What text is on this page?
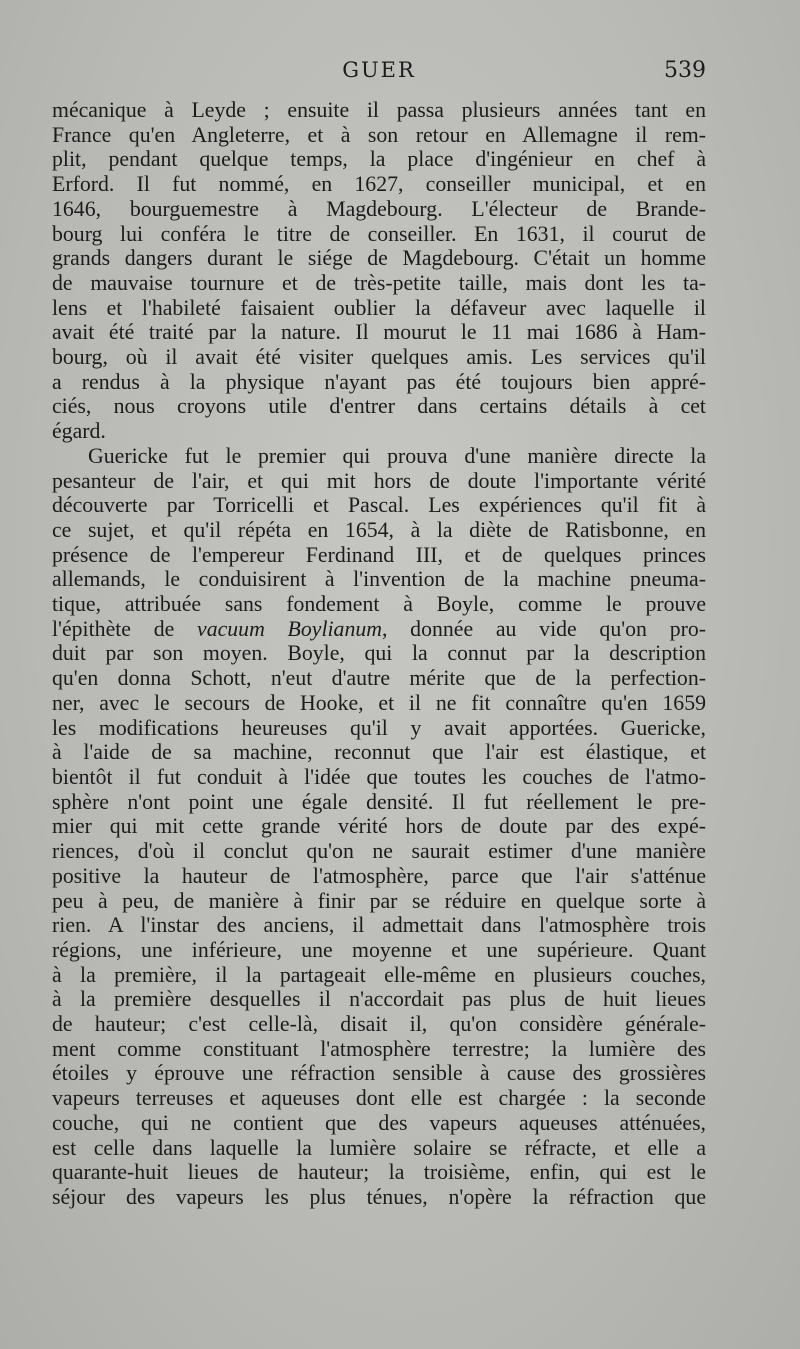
GUER	539
mécanique à Leyde ; ensuite il passa plusieurs années tant en
France qu'en Angleterre, et à son retour en Allemagne il rem-
plit, pendant quelque temps, la place d'ingénieur en chef à
Erford. Il fut nommé, en 1627, conseiller municipal, et en
1646, bourguemestre à Magdebourg. L'électeur de Brande-
bourg lui conféra le titre de conseiller. En 1631, il courut de
grands dangers durant le siége de Magdebourg. C'était un homme
de mauvaise tournure et de très-petite taille, mais dont les ta-
lens et l'habileté faisaient oublier la défaveur avec laquelle il
avait été traité par la nature. Il mourut le 11 mai 1686 à Ham-
bourg, où il avait été visiter quelques amis. Les services qu'il
a rendus à la physique n'ayant pas été toujours bien appré-
ciés, nous croyons utile d'entrer dans certains détails à cet
égard.
Guericke fut le premier qui prouva d'une manière directe la
pesanteur de l'air, et qui mit hors de doute l'importante vérité
découverte par Torricelli et Pascal. Les expériences qu'il fit à
ce sujet, et qu'il répéta en 1654, à la diète de Ratisbonne, en
présence de l'empereur Ferdinand III, et de quelques princes
allemands, le conduisirent à l'invention de la machine pneuma-
tique, attribuée sans fondement à Boyle, comme le prouve
l'épithète de vacuum Boylianum, donnée au vide qu'on pro-
duit par son moyen. Boyle, qui la connut par la description
qu'en donna Schott, n'eut d'autre mérite que de la perfection-
ner, avec le secours de Hooke, et il ne fit connaître qu'en 1659
les modifications heureuses qu'il y avait apportées. Guericke,
à l'aide de sa machine, reconnut que l'air est élastique, et
bientôt il fut conduit à l'idée que toutes les couches de l'atmo-
sphère n'ont point une égale densité. Il fut réellement le pre-
mier qui mit cette grande vérité hors de doute par des expé-
riences, d'où il conclut qu'on ne saurait estimer d'une manière
positive la hauteur de l'atmosphère, parce que l'air s'atténue
peu à peu, de manière à finir par se réduire en quelque sorte à
rien. A l'instar des anciens, il admettait dans l'atmosphère trois
régions, une inférieure, une moyenne et une supérieure. Quant
à la première, il la partageait elle-même en plusieurs couches,
à la première desquelles il n'accordait pas plus de huit lieues
de hauteur; c'est celle-là, disait il, qu'on considère générale-
ment comme constituant l'atmosphère terrestre; la lumière des
étoiles y éprouve une réfraction sensible à cause des grossières
vapeurs terreuses et aqueuses dont elle est chargée : la seconde
couche, qui ne contient que des vapeurs aqueuses atténuées,
est celle dans laquelle la lumière solaire se réfracte, et elle a
quarante-huit lieues de hauteur; la troisième, enfin, qui est le
séjour des vapeurs les plus ténues, n'opère la réfraction que
